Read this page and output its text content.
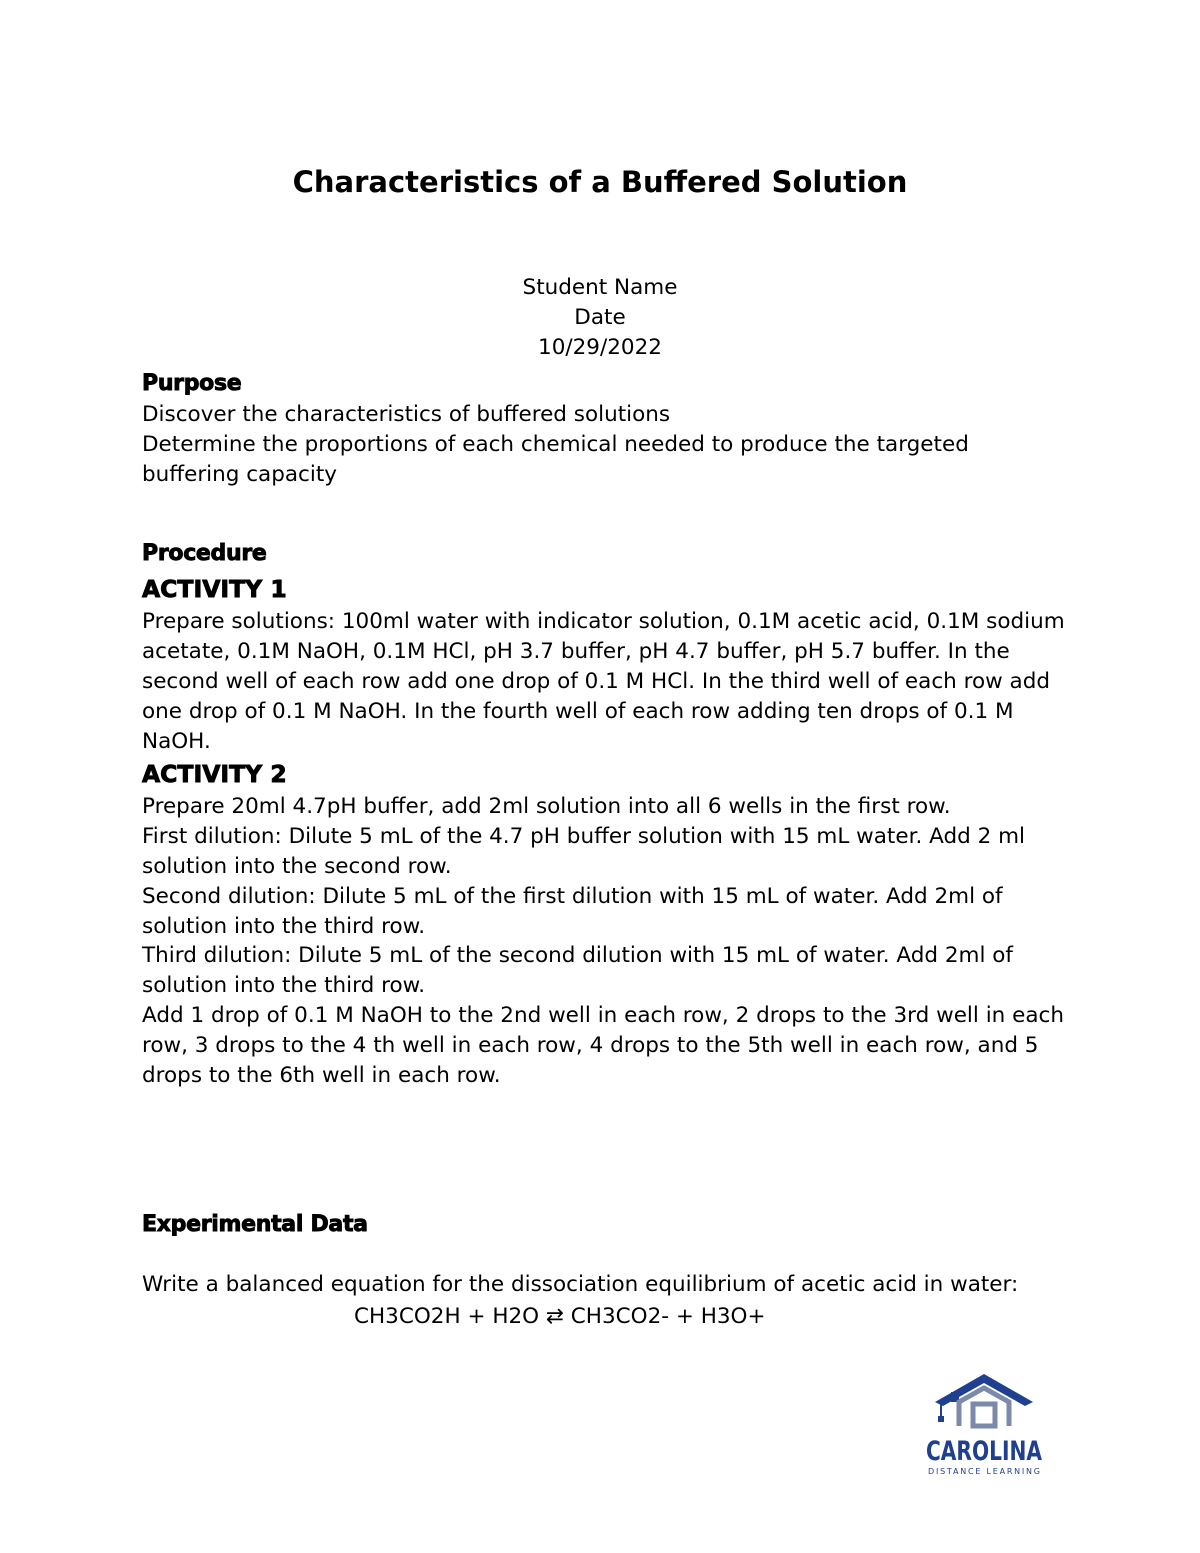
Characteristics of a Buffered Solution
Student Name
Date
10/29/2022
Purpose

Discover the characteristics of buffered solutions

Determine the proportions of each chemical needed to produce the targeted buffering capacity

Procedure
ACTIVITY 1

Prepare solutions: 100ml water with indicator solution, 0.1M acetic acid, 0.1M sodium acetate, 0.1M NaOH, 0.1M HCl, pH 3.7 buffer, pH 4.7 buffer, pH 5.7 buffer. In the second well of each row add one drop of 0.1 M HCl. In the third well of each row add one drop of 0.1 M NaOH. In the fourth well of each row adding ten drops of 0.1 M NaOH.

ACTIVITY 2

Prepare 20ml 4.7pH buffer, add 2ml solution into all 6 wells in the first row.

First dilution: Dilute 5 mL of the 4.7 pH buffer solution with 15 mL water. Add 2 ml solution into the second row.

Second dilution: Dilute 5 mL of the first dilution with 15 mL of water. Add 2ml of solution into the third row.

Third dilution: Dilute 5 mL of the second dilution with 15 mL of water. Add 2ml of solution into the third row.

Add 1 drop of 0.1 M NaOH to the 2nd well in each row, 2 drops to the 3rd well in each row, 3 drops to the 4 th well in each row, 4 drops to the 5th well in each row, and 5 drops to the 6th well in each row.

Experimental Data

Write a balanced equation for the dissociation equilibrium of acetic acid in water:

CH3CO2H + H2O ⇄ CH3CO2- + H3O+

CAROLINA
DISTANCE LEARNING
